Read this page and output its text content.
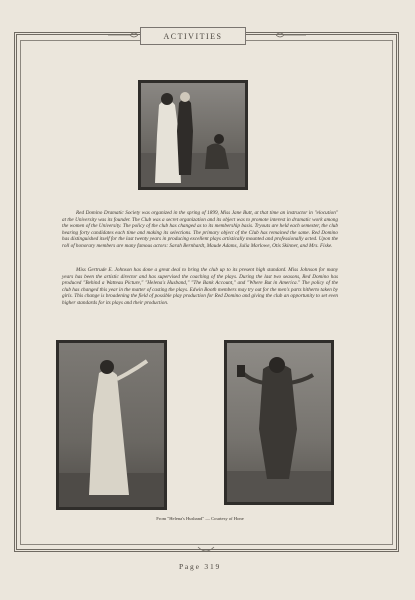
ACTIVITIES

Red Domino Dramatic Society was organized in the spring of 1899, Miss Jane Butt, at that time an instructor in "elocution" at the University was its founder. The Club was a secret organization and its object was to promote interest in dramatic work among the women of the University. The policy of the club has changed as to its membership basis. Tryouts are held each semester, the club hearing forty candidates each time and making its selections. The primary object of the Club has remained the same. Red Domino has distinguished itself for the last twenty years in producing excellent plays artistically mounted and professionally acted. Upon the roll of honorary members are many famous actors: Sarah Bernhardt, Maude Adams, Julia Marlowe, Otis Skinner, and Mrs. Fiske.

Miss Gertrude E. Johnson has done a great deal to bring the club up to its present high standard. Miss Johnson for many years has been the artistic director and has supervised the coaching of the plays. During the last two seasons, Red Domino has produced "Behind a Watteau Picture," "Helena's Husband," "The Bank Account," and "Where But in America." The policy of the club has changed this year in the matter of casting the plays. Edwin Booth members may try out for the men's parts hitherto taken by girls. This change is broadening the field of possible play production for Red Domino and giving the club an opportunity to set even higher standards for its plays and their production.

From "Helena's Husband" — Courtesy of Hone
Page 319
